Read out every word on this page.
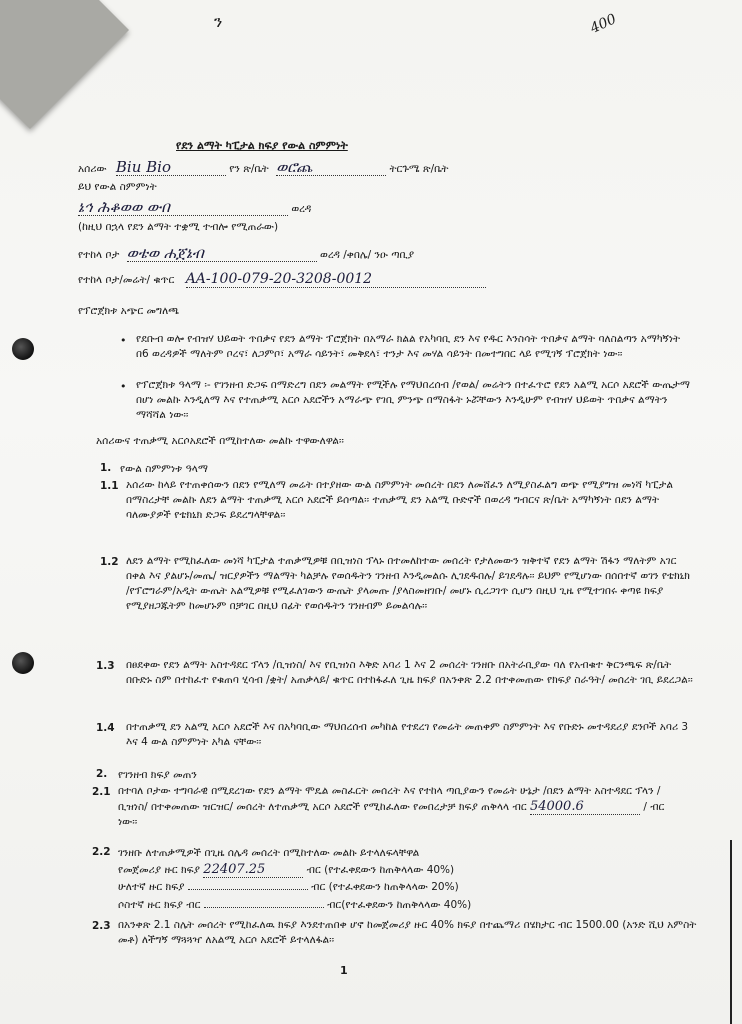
ን	400
የደን ልማት ካፒታል ክፍያ የውል ስምምነት
አሰሪው Biu Bio	የን ጽ/ቤት ወሮጨ	ትርጉሜ ጽ/ቤት
ይህ የውል ስምምነት
ኔኅ ሕቆወወ ውበ	ወረዳ
(ከዚህ በኋላ የደን ልማት ተቋሚ ተብሎ የሚጠራው)
የተከላ ቦታ ወቴወ ሐጀኔብ	ወረዳ /ቀበሌ/ ንዑ ጣቢያ
የተከላ ቦታ/መሬት/ ቁጥር AA-100-079-20-3208-0012
የፕሮጀክቱ አጭር መግለጫ
• የደቡብ ወሎ የብዝሃ ህይወት ጥበቃና የደን ልማት ፕሮጀክት በአማራ ክልል የአካባቢ ደን እና የዱር እንስሳት ጥበቃና ልማት ባለስልጣን አማካኝነት በ6 ወረዳዎች ማለትም ቦረና፣ ለጋምቦ፣ አማራ ሳይንት፣ መቅደላ፣ ተንታ እና መሃል ሳይንት በመተግበር ላይ የሚገኝ ፕሮጀክት ነው፡፡
• የፕሮጀክቱ ዓላማ ፡- የገንዘብ ድጋፍ በማድረግ በደን መልማት የሚችሉ የማህበረሰብ /የወል/ መሬትን በተፈጥሮ የደን አልሚ አርሶ አደሮች ውጤታማ በሆነ መልኩ እንዲለማ እና የተጠቃሚ አርሶ አደሮችን አማራጭ የገቢ ምንጭ በማስፋት ኑሯቸውን እንዲሁም የብዝሃ ህይወት ጥበቃና ልማትን ማሻሻል ነው፡፡
አሰሪውና ተጠቃሚ አርሶአደሮች በሚከተለው መልኩ ተዋውለዋል፡፡
1. የውል ስምምነቱ ዓላማ
1.1 አሰሪው ከላይ የተጠቀሰውን በደን የሚለማ መሬት በተያዘው ውል ስምምነት መሰረት በደን ለመሸፈን ለሚያስፈልግ ወጭ የሚያግዝ መነሻ ካፒታል በማስረታቸ መልኩ ለደን ልማት ተጠቃሚ አርሶ አደሮች ይሰጣል፡፡ ተጠቃሚ ደን አልሚ ቡድኖች በወረዳ ግብርና ጽ/ቤት አማካኝነት በደን ልማት ባለሙያዎች የቴክኒክ ድጋፍ ይደረግላቸዋል፡፡
1.2 ለደን ልማት የሚከፈለው መነሻ ካፒታል ተጠቃሚዎቹ በቢዝነስ ፕላኑ በተመለከተው መሰረት የታለመውን ዝቅተኛ የደን ልማት ሽፋን ማለትም አገር በቀል እና ያልሆኑ/መጤ/ ዝርያዎችን ማልማት ካልቻሉ የወሰዱትን ገንዘብ እንዲመልሱ ሊገደዱበሉ/ ይገደዳሉ፡፡ ይህም የሚሆነው በሰበተኛ ወገን የቴክኒክ /የፕሮግራም/አዲት ውጤት አልሚዎቹ የሚፈለገውን ውጤት ያላመጡ /ያላስመዘገቡ/ መሆኑ ሲረጋገጥ ሲሆን በዚህ ጊዜ የሚተገበሩ ቀጣዩ ክፍያ የሚያዘጋጁትም ከመሆኑም በቻገር በዚህ በፊት የወሰዱትን ገንዘብም ይመልሳሉ፡፡
1.3 በፀደቀው የደን ልማት አስተዳደር ፕላን /ቢዝነስ/ እና የቢዝነስ እቅድ አባሪ 1 እና 2 መሰረት ገንዘቡ በአትራቢያው ባለ የአብቁተ ቅርንጫፍ ጽ/ቤት በቡድኑ ስም በተከፈተ የቁጠባ ሂሳብ /ቋት/ አጠቃላይ/ ቁጥር በተከፋፈለ ጊዜ ክፍያ በአንቀጽ 2.2 በተቀመጠው የክፍያ ስራዓት/ መሰረት ገቢ ይደረጋል፡፡
1.4 በተጠቃሚ ደን አልሚ አርሶ አደሮች እና በአካባቢው ማህበረሰብ መካከል የተደረገ የመሬት መጠቀም ስምምነት እና የቡድኑ መተዳደሪያ ደንቦች አባሪ 3 እና 4 ውል ስምምነት አካል ናቸው፡፡
2. የገንዘብ ክፍያ መጠን
2.1 በተባለ ቦታው ተግባራዊ በሚደረገው የደን ልማት ሞዴል መስፈርት መሰረት እና የተከላ ጣቢያውን የመሬት ሁኔታ /በደን ልማት አስተዳደር ፕላን /ቢዝነስ/ በተቀመጠው ዝርዝር/ መሰረት ለተጠቃሚ አርሶ አደሮች የሚከፈለው የመበረታቻ ክፍያ ጠቅላላ ብር 54000.6	/ ብር ነው፡፡
2.2 ገንዘቡ ለተጠቃሚዎች በጊዜ ሰሌዳ መሰረት በሚከተለው መልኩ ይተላለፍላቸዋል
የመጀመሪያ ዙር ክፍያ 22407.25	ብር (የተፈቀደውን ከጠቅላላው 40%)
ሁለተኛ ዙር ክፍያ	ብር (የተፈቀደውን ከጠቅላላው 20%)
ሶስተኛ ዙር ክፍያ ብር	ብር(የተፈቀደውን ከጠቅላላው 40%)
2.3 በአንቀጽ 2.1 ስሌት መሰረት የሚከፈለዉ ክፍያ እንደተጠበቀ ሆኖ ከመጀመሪያ ዙር 40% ክፍያ በተጨማሪ በሄክታር ብር 1500.00 (አንድ ሺህ አምስት መቶ) ለችግኝ ማጓጓዣ ለአልሚ አርሶ አደሮች ይተላለፋል፡፡
1
